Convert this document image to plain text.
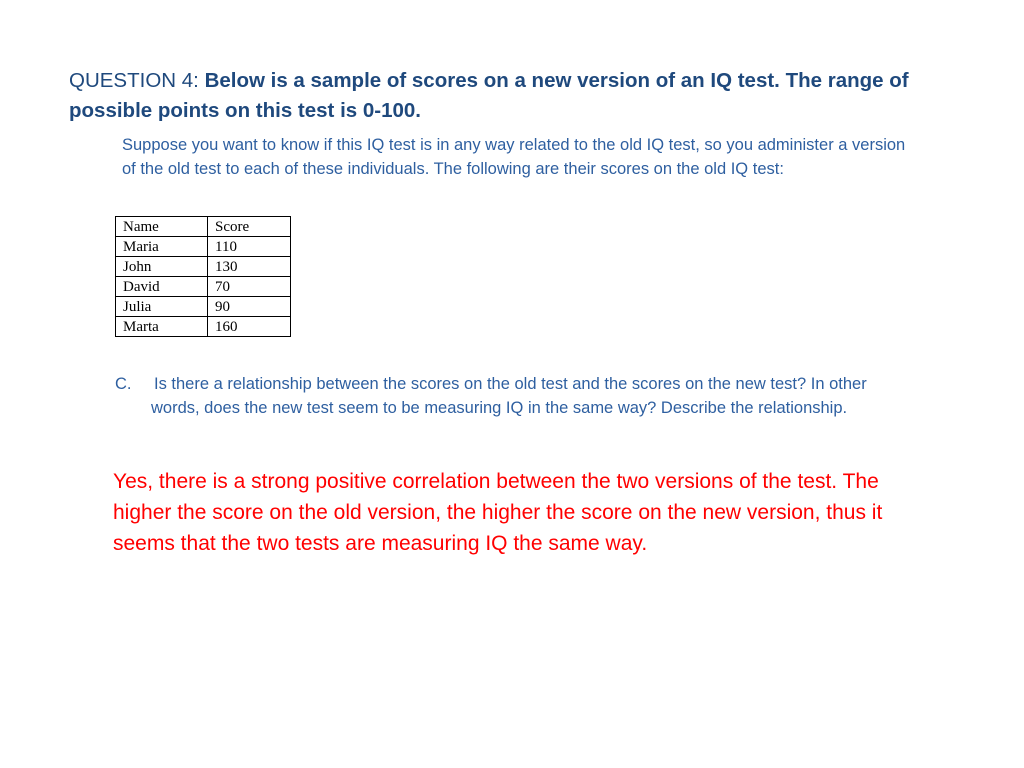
QUESTION 4: Below is a sample of scores on a new version of an IQ test. The range of possible points on this test is 0-100.
Suppose you want to know if this IQ test is in any way related to the old IQ test, so you administer a version of the old test to each of these individuals. The following are their scores on the old IQ test:
Name	Score
Maria	110
John	130
David	70
Julia	90
Marta	160
C. Is there a relationship between the scores on the old test and the scores on the new test? In other words, does the new test seem to be measuring IQ in the same way? Describe the relationship.
Yes, there is a strong positive correlation between the two versions of the test. The higher the score on the old version, the higher the score on the new version, thus it seems that the two tests are measuring IQ the same way.
